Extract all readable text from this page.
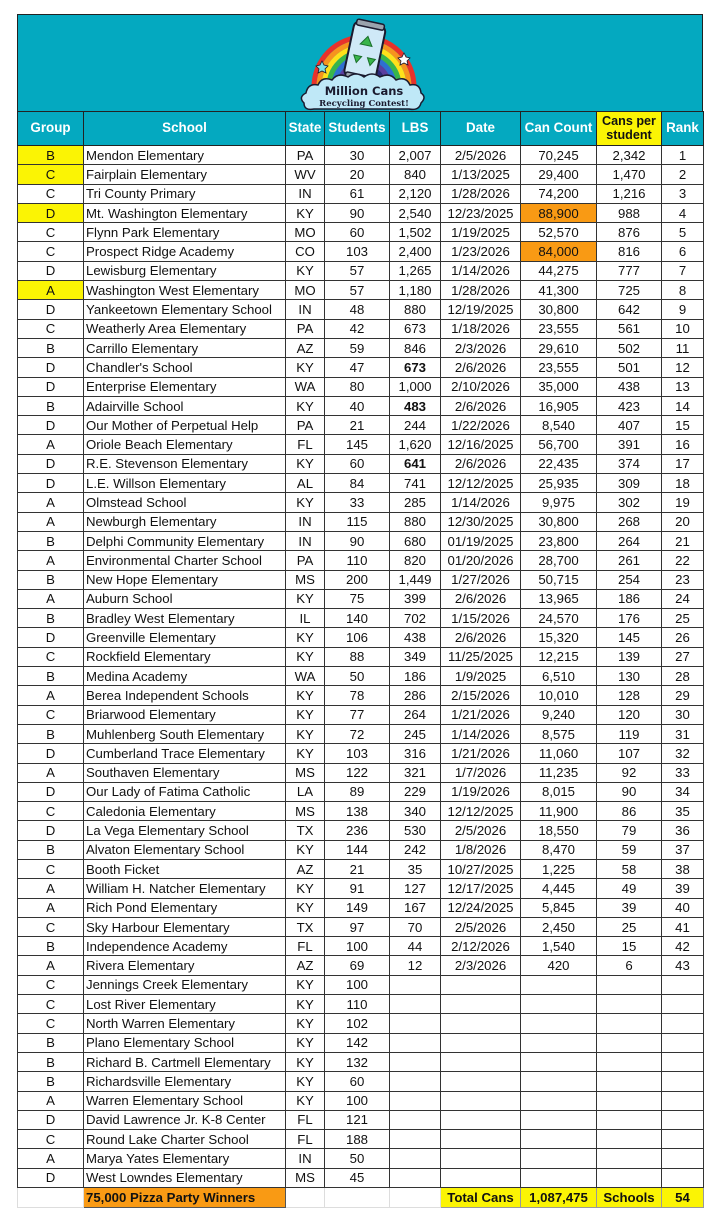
Million Cans
Recycling Contest!
Group	School	State	Students	LBS	Date	Can Count	Cans per student	Rank
B	Mendon Elementary	PA	30	2,007	2/5/2026	70,245	2,342	1
C	Fairplain Elementary	WV	20	840	1/13/2025	29,400	1,470	2
C	Tri County Primary	IN	61	2,120	1/28/2026	74,200	1,216	3
D	Mt. Washington Elementary	KY	90	2,540	12/23/2025	88,900	988	4
C	Flynn Park Elementary	MO	60	1,502	1/19/2025	52,570	876	5
C	Prospect Ridge Academy	CO	103	2,400	1/23/2026	84,000	816	6
D	Lewisburg Elementary	KY	57	1,265	1/14/2026	44,275	777	7
A	Washington West Elementary	MO	57	1,180	1/28/2026	41,300	725	8
D	Yankeetown Elementary School	IN	48	880	12/19/2025	30,800	642	9
C	Weatherly Area Elementary	PA	42	673	1/18/2026	23,555	561	10
B	Carrillo Elementary	AZ	59	846	2/3/2026	29,610	502	11
D	Chandler's School	KY	47	673	2/6/2026	23,555	501	12
D	Enterprise Elementary	WA	80	1,000	2/10/2026	35,000	438	13
B	Adairville School	KY	40	483	2/6/2026	16,905	423	14
D	Our Mother of Perpetual Help	PA	21	244	1/22/2026	8,540	407	15
A	Oriole Beach Elementary	FL	145	1,620	12/16/2025	56,700	391	16
D	R.E. Stevenson Elementary	KY	60	641	2/6/2026	22,435	374	17
D	L.E. Willson Elementary	AL	84	741	12/12/2025	25,935	309	18
A	Olmstead School	KY	33	285	1/14/2026	9,975	302	19
A	Newburgh Elementary	IN	115	880	12/30/2025	30,800	268	20
B	Delphi Community Elementary	IN	90	680	01/19/2025	23,800	264	21
A	Environmental Charter School	PA	110	820	01/20/2026	28,700	261	22
B	New Hope Elementary	MS	200	1,449	1/27/2026	50,715	254	23
A	Auburn School	KY	75	399	2/6/2026	13,965	186	24
B	Bradley West Elementary	IL	140	702	1/15/2026	24,570	176	25
D	Greenville Elementary	KY	106	438	2/6/2026	15,320	145	26
C	Rockfield Elementary	KY	88	349	11/25/2025	12,215	139	27
B	Medina Academy	WA	50	186	1/9/2025	6,510	130	28
A	Berea Independent Schools	KY	78	286	2/15/2026	10,010	128	29
C	Briarwood Elementary	KY	77	264	1/21/2026	9,240	120	30
B	Muhlenberg South Elementary	KY	72	245	1/14/2026	8,575	119	31
D	Cumberland Trace Elementary	KY	103	316	1/21/2026	11,060	107	32
A	Southaven Elementary	MS	122	321	1/7/2026	11,235	92	33
D	Our Lady of Fatima Catholic	LA	89	229	1/19/2026	8,015	90	34
C	Caledonia Elementary	MS	138	340	12/12/2025	11,900	86	35
D	La Vega Elementary School	TX	236	530	2/5/2026	18,550	79	36
B	Alvaton Elementary School	KY	144	242	1/8/2026	8,470	59	37
C	Booth Ficket	AZ	21	35	10/27/2025	1,225	58	38
A	William H. Natcher Elementary	KY	91	127	12/17/2025	4,445	49	39
A	Rich Pond Elementary	KY	149	167	12/24/2025	5,845	39	40
C	Sky Harbour Elementary	TX	97	70	2/5/2026	2,450	25	41
B	Independence Academy	FL	100	44	2/12/2026	1,540	15	42
A	Rivera Elementary	AZ	69	12	2/3/2026	420	6	43
C	Jennings Creek Elementary	KY	100					
C	Lost River Elementary	KY	110					
C	North Warren Elementary	KY	102					
B	Plano Elementary School	KY	142					
B	Richard B. Cartmell Elementary	KY	132					
B	Richardsville Elementary	KY	60					
A	Warren Elementary School	KY	100					
D	David Lawrence Jr. K-8 Center	FL	121					
C	Round Lake Charter School	FL	188					
A	Marya Yates Elementary	IN	50					
D	West Lowndes Elementary	MS	45					
	75,000 Pizza Party Winners				Total Cans	1,087,475	Schools	54
